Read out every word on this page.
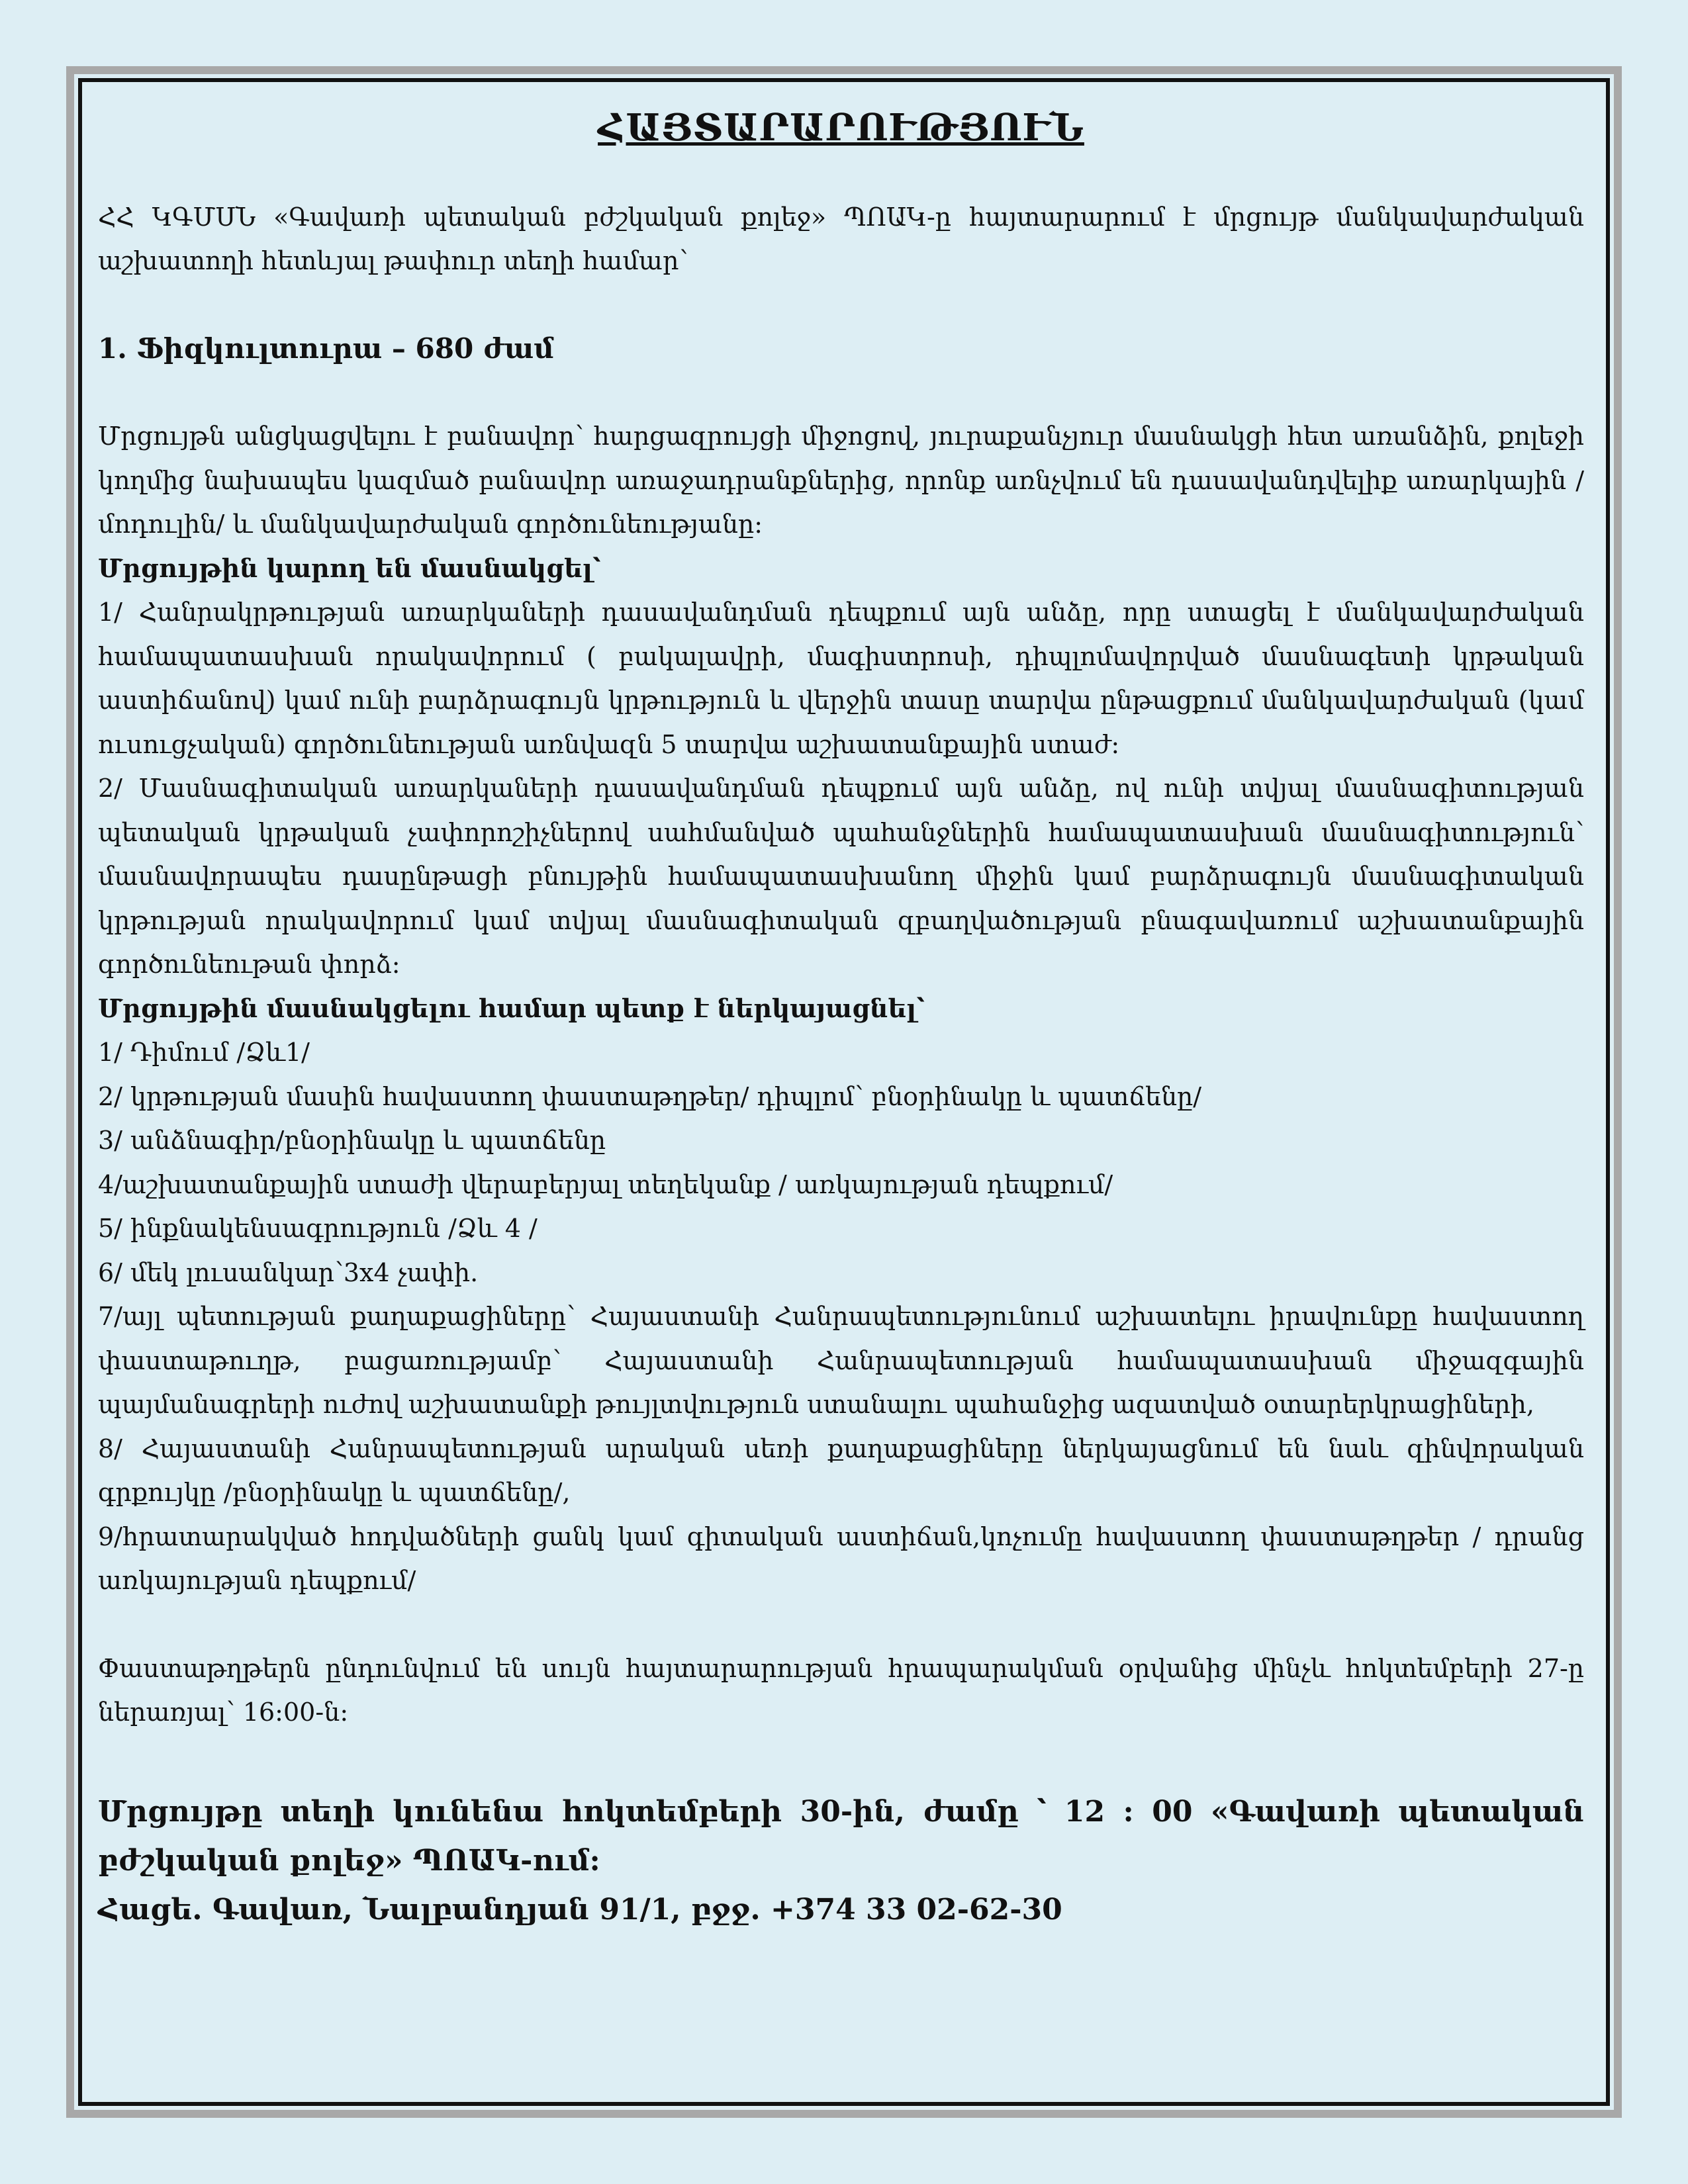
ՀԱՅՏԱՐԱՐՈՒԹՅՈՒՆ

ՀՀ ԿԳՄՍՆ «Գավառի պետական բժշկական քոլեջ» ՊՈԱԿ-ը հայտարարում է մրցույթ մանկավարժական աշխատողի հետևյալ թափուր տեղի համար՝

1. Ֆիզկուլտուրա – 680 ժամ

Մրցույթն անցկացվելու է բանավոր՝ հարցազրույցի միջոցով, յուրաքանչյուր մասնակցի հետ առանձին, քոլեջի կողմից նախապես կազմած բանավոր առաջադրանքներից, որոնք առնչվում են դասավանդվելիք առարկային / մոդուլին/ և մանկավարժական գործունեությանը:

Մրցույթին կարող են մասնակցել՝

1/ Հանրակրթության առարկաների դասավանդման դեպքում այն անձը, որը ստացել է մանկավարժական համապատասխան որակավորում ( բակալավրի, մագիստրոսի, դիպլոմավորված մասնագետի կրթական աստիճանով) կամ ունի բարձրագույն կրթություն և վերջին տասը տարվա ընթացքում մանկավարժական (կամ ուսուցչական) գործունեության առնվազն 5 տարվա աշխատանքային ստաժ:

2/ Մասնագիտական առարկաների դասավանդման դեպքում այն անձը, ով ունի տվյալ մասնագիտության պետական կրթական չափորոշիչներով սահմանված պահանջներին համապատասխան մասնագիտություն՝ մասնավորապես դասընթացի բնույթին համապատասխանող միջին կամ բարձրագույն մասնագիտական կրթության որակավորում կամ տվյալ մասնագիտական զբաղվածության բնագավառում աշխատանքային գործունեութան փորձ:

Մրցույթին մասնակցելու համար պետք է ներկայացնել՝

1/ Դիմում /Ձև1/

2/ կրթության մասին հավաստող փաստաթղթեր/ դիպլոմ՝ բնօրինակը և պատճենը/

3/ անձնագիր/բնօրինակը և պատճենը

4/աշխատանքային ստաժի վերաբերյալ տեղեկանք / առկայության դեպքում/

5/ ինքնակենսագրություն /Ձև 4 /

6/ մեկ լուսանկար՝3x4 չափի.

7/այլ պետության քաղաքացիները՝ Հայաստանի Հանրապետությունում աշխատելու իրավունքը հավաստող փաստաթուղթ, բացառությամբ՝ Հայաստանի Հանրապետության համապատասխան միջազգային պայմանագրերի ուժով աշխատանքի թույլտվություն ստանալու պահանջից ազատված օտարերկրացիների,

8/ Հայաստանի Հանրապետության արական սեռի քաղաքացիները ներկայացնում են նաև զինվորական գրքույկը /բնօրինակը և պատճենը/,

9/հրատարակված հոդվածների ցանկ կամ գիտական աստիճան,կոչումը հավաստող փաստաթղթեր / դրանց առկայության դեպքում/

Փաստաթղթերն ընդունվում են սույն հայտարարության հրապարակման օրվանից մինչև հոկտեմբերի 27-ը ներառյալ՝ 16:00-ն:

Մրցույթը տեղի կունենա հոկտեմբերի 30-ին, ժամը ՝ 12 : 00 «Գավառի պետական բժշկական քոլեջ» ՊՈԱԿ-ում:

Հացե. Գավառ, Նալբանդյան 91/1, բջջ. +374 33 02-62-30
